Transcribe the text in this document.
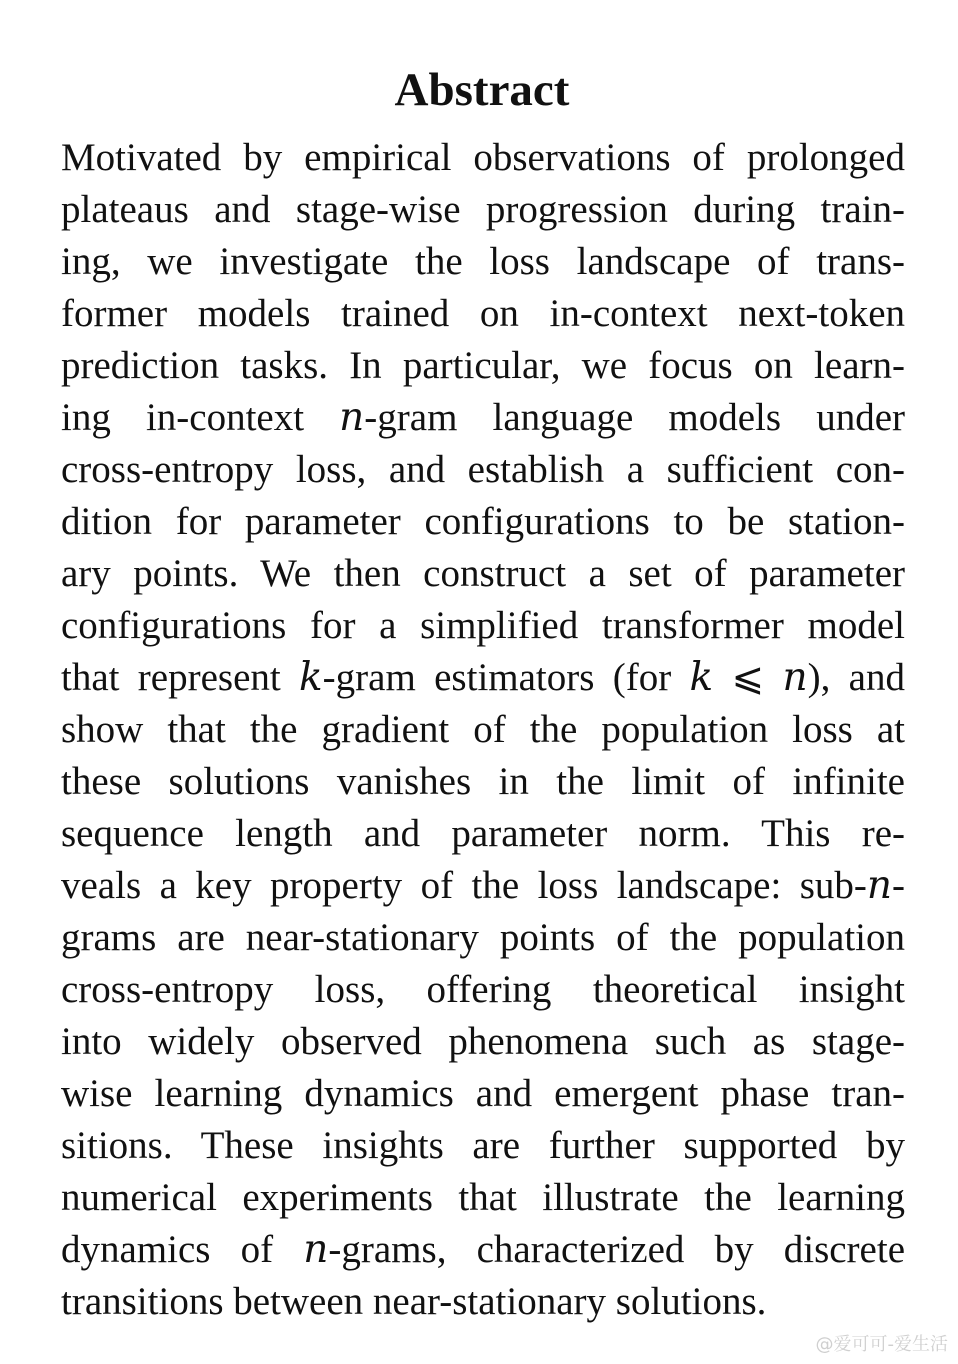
Abstract
Motivated by empirical observations of prolonged
plateaus and stage-wise progression during train-
ing, we investigate the loss landscape of trans-
former models trained on in-context next-token
prediction tasks. In particular, we focus on learn-
ing in-context 𝑛-gram language models under
cross-entropy loss, and establish a sufficient con-
dition for parameter configurations to be station-
ary points. We then construct a set of parameter
configurations for a simplified transformer model
that represent 𝑘-gram estimators (for 𝑘 ⩽ 𝑛), and
show that the gradient of the population loss at
these solutions vanishes in the limit of infinite
sequence length and parameter norm. This re-
veals a key property of the loss landscape: sub-𝑛-
grams are near-stationary points of the population
cross-entropy loss, offering theoretical insight
into widely observed phenomena such as stage-
wise learning dynamics and emergent phase tran-
sitions. These insights are further supported by
numerical experiments that illustrate the learning
dynamics of 𝑛-grams, characterized by discrete
transitions between near-stationary solutions.
@爱可可-爱生活
